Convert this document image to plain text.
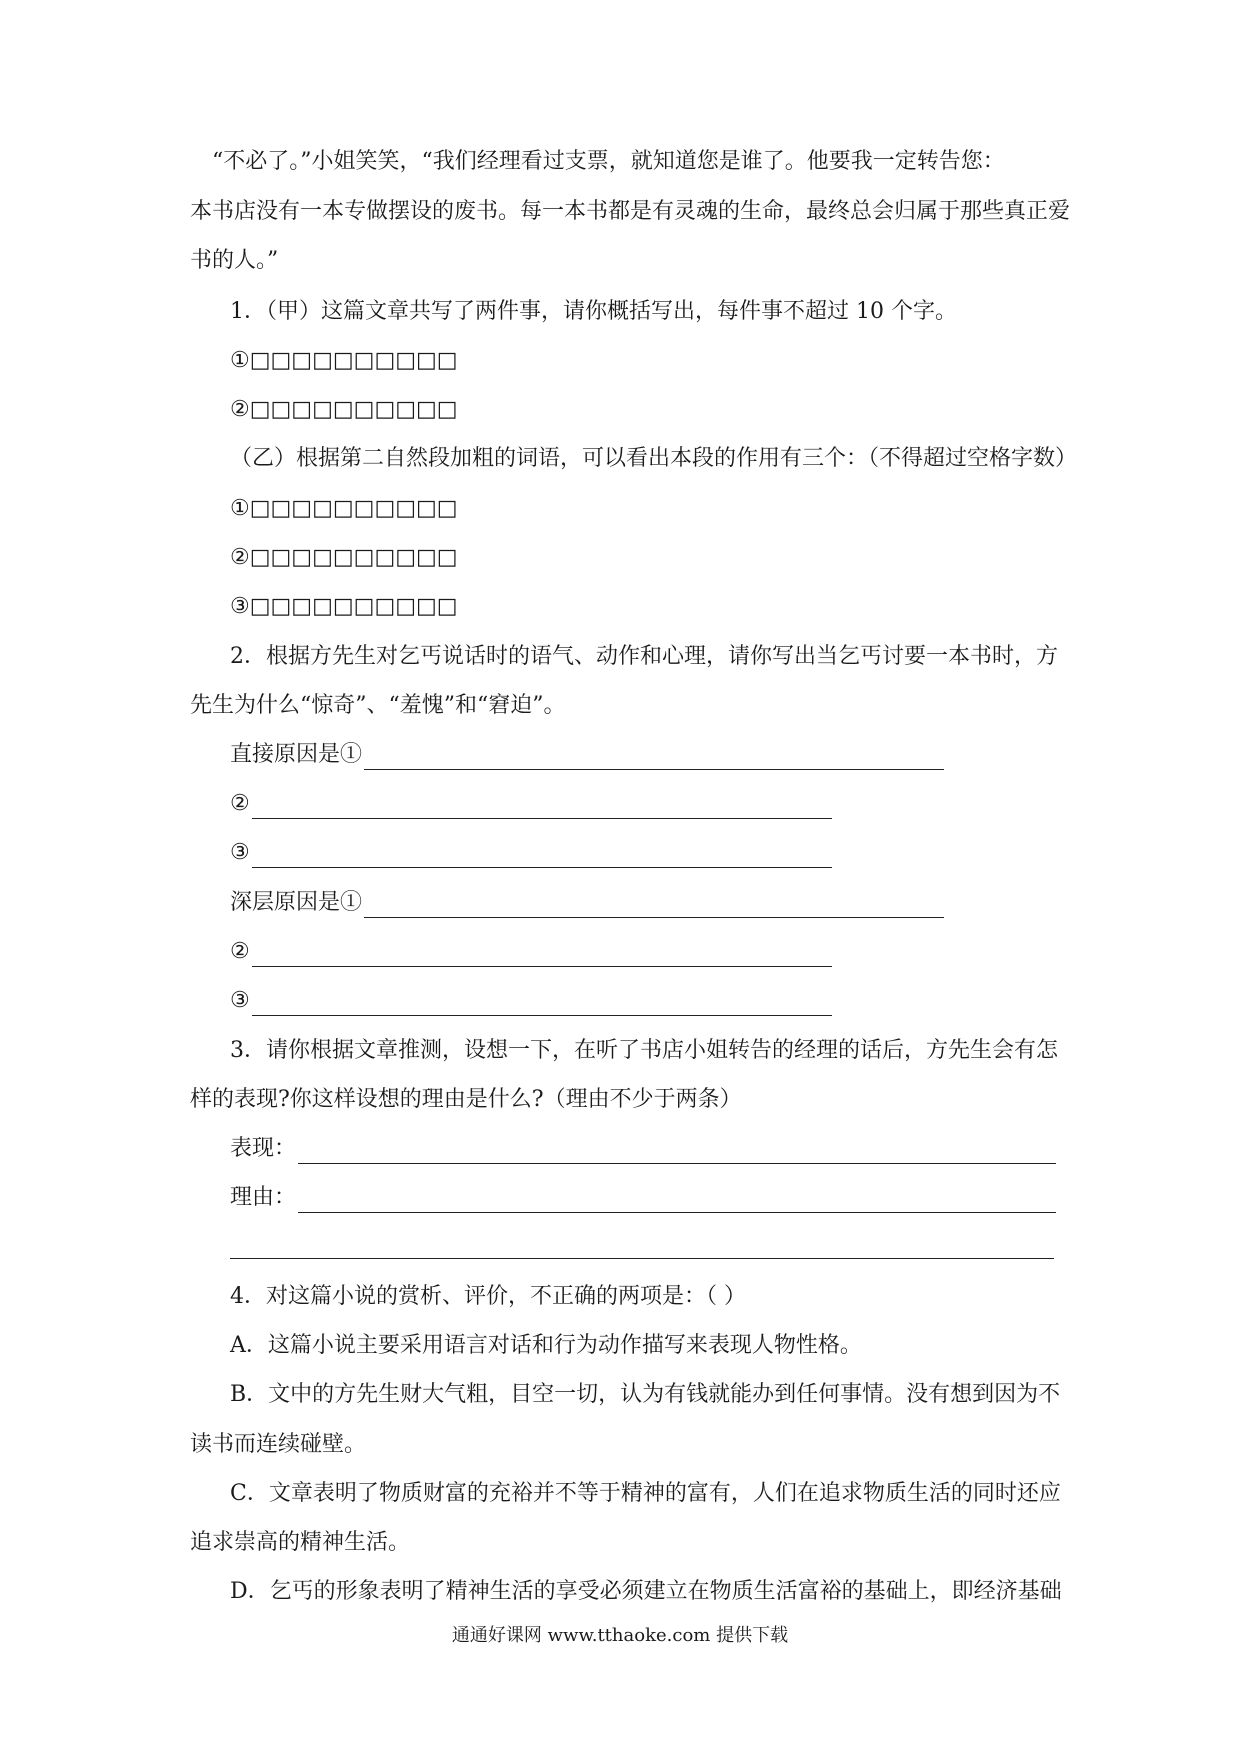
“不必了。”小姐笑笑，“我们经理看过支票，就知道您是谁了。他要我一定转告您：
本书店没有一本专做摆设的废书。每一本书都是有灵魂的生命，最终总会归属于那些真正爱
书的人。”
1．（甲）这篇文章共写了两件事，请你概括写出，每件事不超过 10 个字。
①□□□□□□□□□□
②□□□□□□□□□□
（乙）根据第二自然段加粗的词语，可以看出本段的作用有三个：（不得超过空格字数）
①□□□□□□□□□□
②□□□□□□□□□□
③□□□□□□□□□□
2．根据方先生对乞丐说话时的语气、动作和心理，请你写出当乞丐讨要一本书时，方
先生为什么“惊奇”、“羞愧”和“窘迫”。
直接原因是①
②
③
深层原因是①
②
③
3．请你根据文章推测，设想一下，在听了书店小姐转告的经理的话后，方先生会有怎
样的表现?你这样设想的理由是什么?（理由不少于两条）
表现：
理由：
4．对这篇小说的赏析、评价，不正确的两项是：（ ）
A．这篇小说主要采用语言对话和行为动作描写来表现人物性格。
B．文中的方先生财大气粗，目空一切，认为有钱就能办到任何事情。没有想到因为不
读书而连续碰壁。
C．文章表明了物质财富的充裕并不等于精神的富有，人们在追求物质生活的同时还应
追求崇高的精神生活。
D．乞丐的形象表明了精神生活的享受必须建立在物质生活富裕的基础上，即经济基础
通通好课网 www.tthaoke.com 提供下载
